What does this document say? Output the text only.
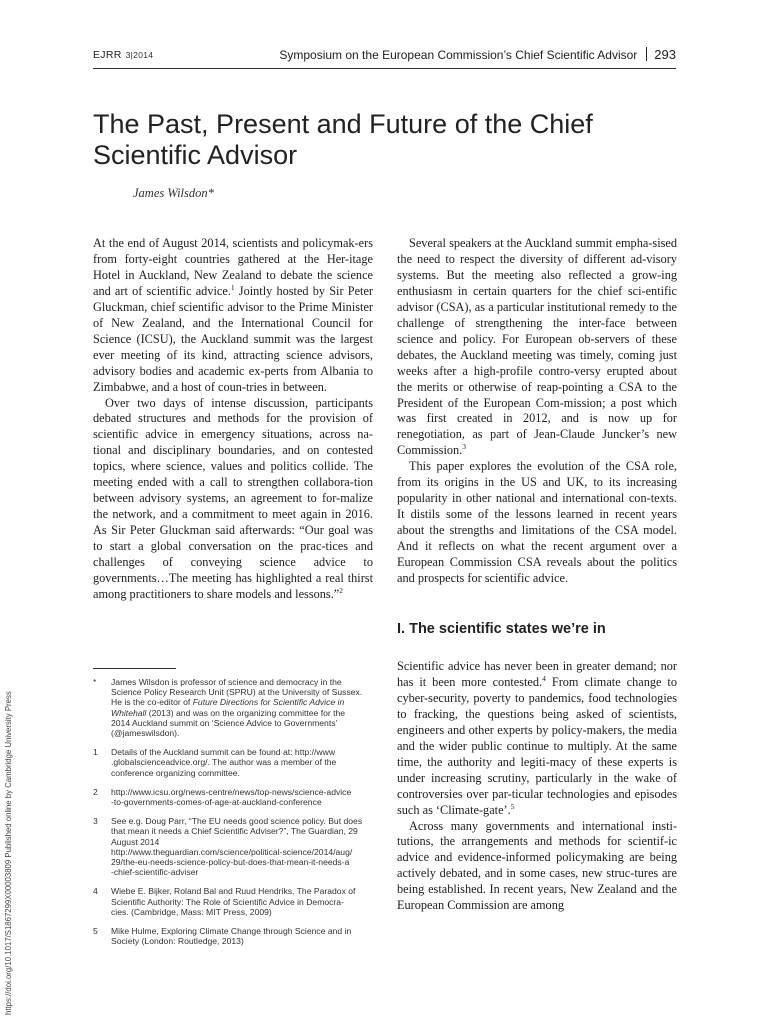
EJRR 3|2014	Symposium on the European Commission’s Chief Scientific Advisor 293
The Past, Present and Future of the Chief
Scientific Advisor
James Wilsdon*

At the end of August 2014, scientists and policymak-ers from forty-eight countries gathered at the Her-itage Hotel in Auckland, New Zealand to debate the science and art of scientific advice.$^1$ Jointly hosted by Sir Peter Gluckman, chief scientific advisor to the Prime Minister of New Zealand, and the International Council for Science (ICSU), the Auckland summit was the largest ever meeting of its kind, attracting science advisors, advisory bodies and academic ex-perts from Albania to Zimbabwe, and a host of coun-tries in between.

Over two days of intense discussion, participants debated structures and methods for the provision of scientific advice in emergency situations, across na-tional and disciplinary boundaries, and on contested topics, where science, values and politics collide. The meeting ended with a call to strengthen collabora-tion between advisory systems, an agreement to for-malize the network, and a commitment to meet again in 2016. As Sir Peter Gluckman said afterwards: “Our goal was to start a global conversation on the prac-tices and challenges of conveying science advice to governments…The meeting has highlighted a real thirst among practitioners to share models and lessons.”$^2$

Several speakers at the Auckland summit empha-sised the need to respect the diversity of different ad-visory systems. But the meeting also reflected a grow-ing enthusiasm in certain quarters for the chief sci-entific advisor (CSA), as a particular institutional remedy to the challenge of strengthening the inter-face between science and policy. For European ob-servers of these debates, the Auckland meeting was timely, coming just weeks after a high-profile contro-versy erupted about the merits or otherwise of reap-pointing a CSA to the President of the European Com-mission; a post which was first created in 2012, and is now up for renegotiation, as part of Jean-Claude Juncker’s new Commission.$^3$

This paper explores the evolution of the CSA role, from its origins in the US and UK, to its increasing popularity in other national and international con-texts. It distils some of the lessons learned in recent years about the strengths and limitations of the CSA model. And it reflects on what the recent argument over a European Commission CSA reveals about the politics and prospects for scientific advice.

I. The scientific states we’re in

Scientific advice has never been in greater demand; nor has it been more contested.$^4$ From climate change to cyber-security, poverty to pandemics, food technologies to fracking, the questions being asked of scientists, engineers and other experts by policy-makers, the media and the wider public continue to multiply. At the same time, the authority and legiti-macy of these experts is under increasing scrutiny, particularly in the wake of controversies over par-ticular technologies and episodes such as ‘Climate-gate’.$^5$

Across many governments and international insti-tutions, the arrangements and methods for scientif-ic advice and evidence-informed policymaking are being actively debated, and in some cases, new struc-tures are being established. In recent years, New Zealand and the European Commission are among

*	James Wilsdon is professor of science and democracy in the
Science Policy Research Unit (SPRU) at the University of Sussex.
He is the co-editor of Future Directions for Scientific Advice in
Whitehall (2013) and was on the organizing committee for the
2014 Auckland summit on ‘Science Advice to Governments’
(@jameswilsdon).
1	Details of the Auckland summit can be found at: http://www
.globalscienceadvice.org/. The author was a member of the
conference organizing committee.
2	http://www.icsu.org/news-centre/news/top-news/science-advice
-to-governments-comes-of-age-at-auckland-conference
3	See e.g. Doug Parr, “The EU needs good science policy. But does
that mean it needs a Chief Scientific Adviser?”, The Guardian, 29
August 2014
http://www.theguardian.com/science/political-science/2014/aug/
29/the-eu-needs-science-policy-but-does-that-mean-it-needs-a
-chief-scientific-adviser
4	Wiebe E. Bijker, Roland Bal and Ruud Hendriks, The Paradox of
Scientific Authority: The Role of Scientific Advice in Democra-
cies. (Cambridge, Mass: MIT Press, 2009)
5	Mike Hulme, Exploring Climate Change through Science and in
Society (London: Routledge, 2013)
https://doi.org/10.1017/S1867299X00003809 Published online by Cambridge University Press
